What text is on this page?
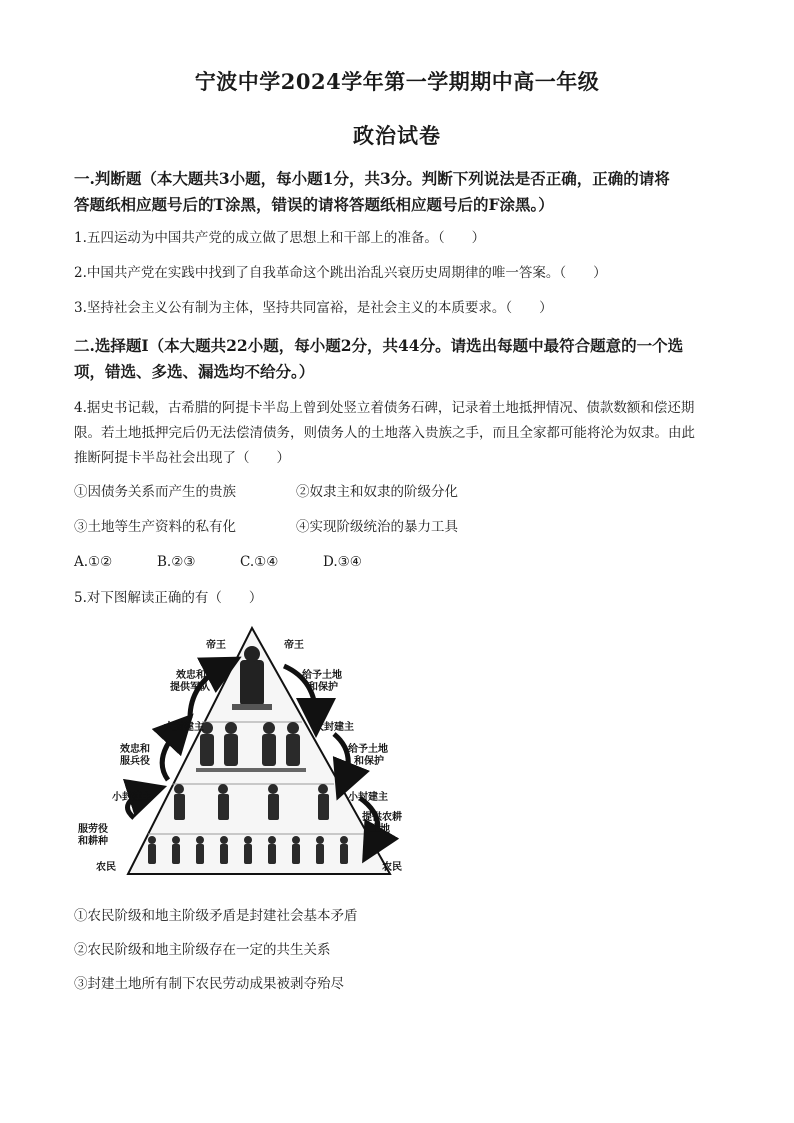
宁波中学2024学年第一学期期中高一年级
政治试卷
一.判断题（本大题共3小题，每小题1分，共3分。判断下列说法是否正确，正确的请将
答题纸相应题号后的T涂黑，错误的请将答题纸相应题号后的F涂黑。）
1.五四运动为中国共产党的成立做了思想上和干部上的准备。（　　）
2.中国共产党在实践中找到了自我革命这个跳出治乱兴衰历史周期律的唯一答案。（　　）
3.坚持社会主义公有制为主体，坚持共同富裕，是社会主义的本质要求。（　　）
二.选择题Ⅰ（本大题共22小题，每小题2分，共44分。请选出每题中最符合题意的一个选
项，错选、多选、漏选均不给分。）
4.据史书记载，古希腊的阿提卡半岛上曾到处竖立着债务石碑，记录着土地抵押情况、债款数额和偿还期
限。若土地抵押完后仍无法偿清债务，则债务人的土地落入贵族之手，而且全家都可能将沦为奴隶。由此
推断阿提卡半岛社会出现了（　　）
①因债务关系而产生的贵族	②奴隶主和奴隶的阶级分化
③土地等生产资料的私有化	④实现阶级统治的暴力工具
A.①②	B.②③	C.①④	D.③④
5.对下图解读正确的有（　　）
帝王	帝王
大封建主	大封建主
小封建主	小封建主
农民	农民
效忠和
提供军队
效忠和
服兵役
服劳役
和耕种
给予土地
和保护
给予土地
和保护
提供农耕
土地
①农民阶级和地主阶级矛盾是封建社会基本矛盾
②农民阶级和地主阶级存在一定的共生关系
③封建土地所有制下农民劳动成果被剥夺殆尽
